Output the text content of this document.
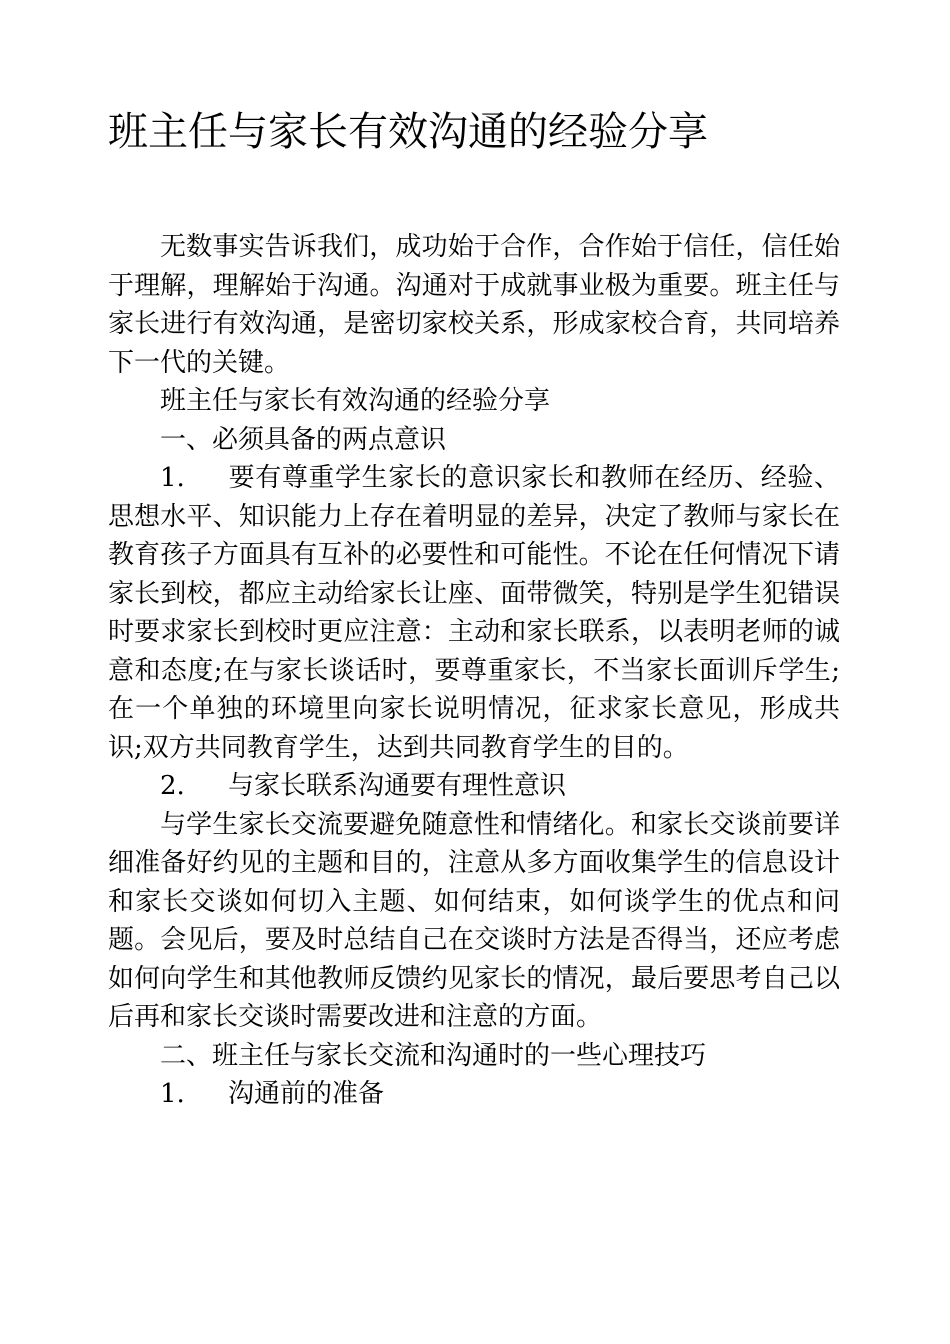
班主任与家长有效沟通的经验分享

无数事实告诉我们，成功始于合作，合作始于信任，信任始于理解，理解始于沟通。沟通对于成就事业极为重要。班主任与家长进行有效沟通，是密切家校关系，形成家校合育，共同培养下一代的关键。

班主任与家长有效沟通的经验分享

一、必须具备的两点意识

1. 要有尊重学生家长的意识家长和教师在经历、经验、思想水平、知识能力上存在着明显的差异，决定了教师与家长在教育孩子方面具有互补的必要性和可能性。不论在任何情况下请家长到校，都应主动给家长让座、面带微笑，特别是学生犯错误时要求家长到校时更应注意：主动和家长联系，以表明老师的诚意和态度;在与家长谈话时，要尊重家长，不当家长面训斥学生;在一个单独的环境里向家长说明情况，征求家长意见，形成共识;双方共同教育学生，达到共同教育学生的目的。

2. 与家长联系沟通要有理性意识

与学生家长交流要避免随意性和情绪化。和家长交谈前要详细准备好约见的主题和目的，注意从多方面收集学生的信息设计和家长交谈如何切入主题、如何结束，如何谈学生的优点和问题。会见后，要及时总结自己在交谈时方法是否得当，还应考虑如何向学生和其他教师反馈约见家长的情况，最后要思考自己以后再和家长交谈时需要改进和注意的方面。

二、班主任与家长交流和沟通时的一些心理技巧

1. 沟通前的准备
